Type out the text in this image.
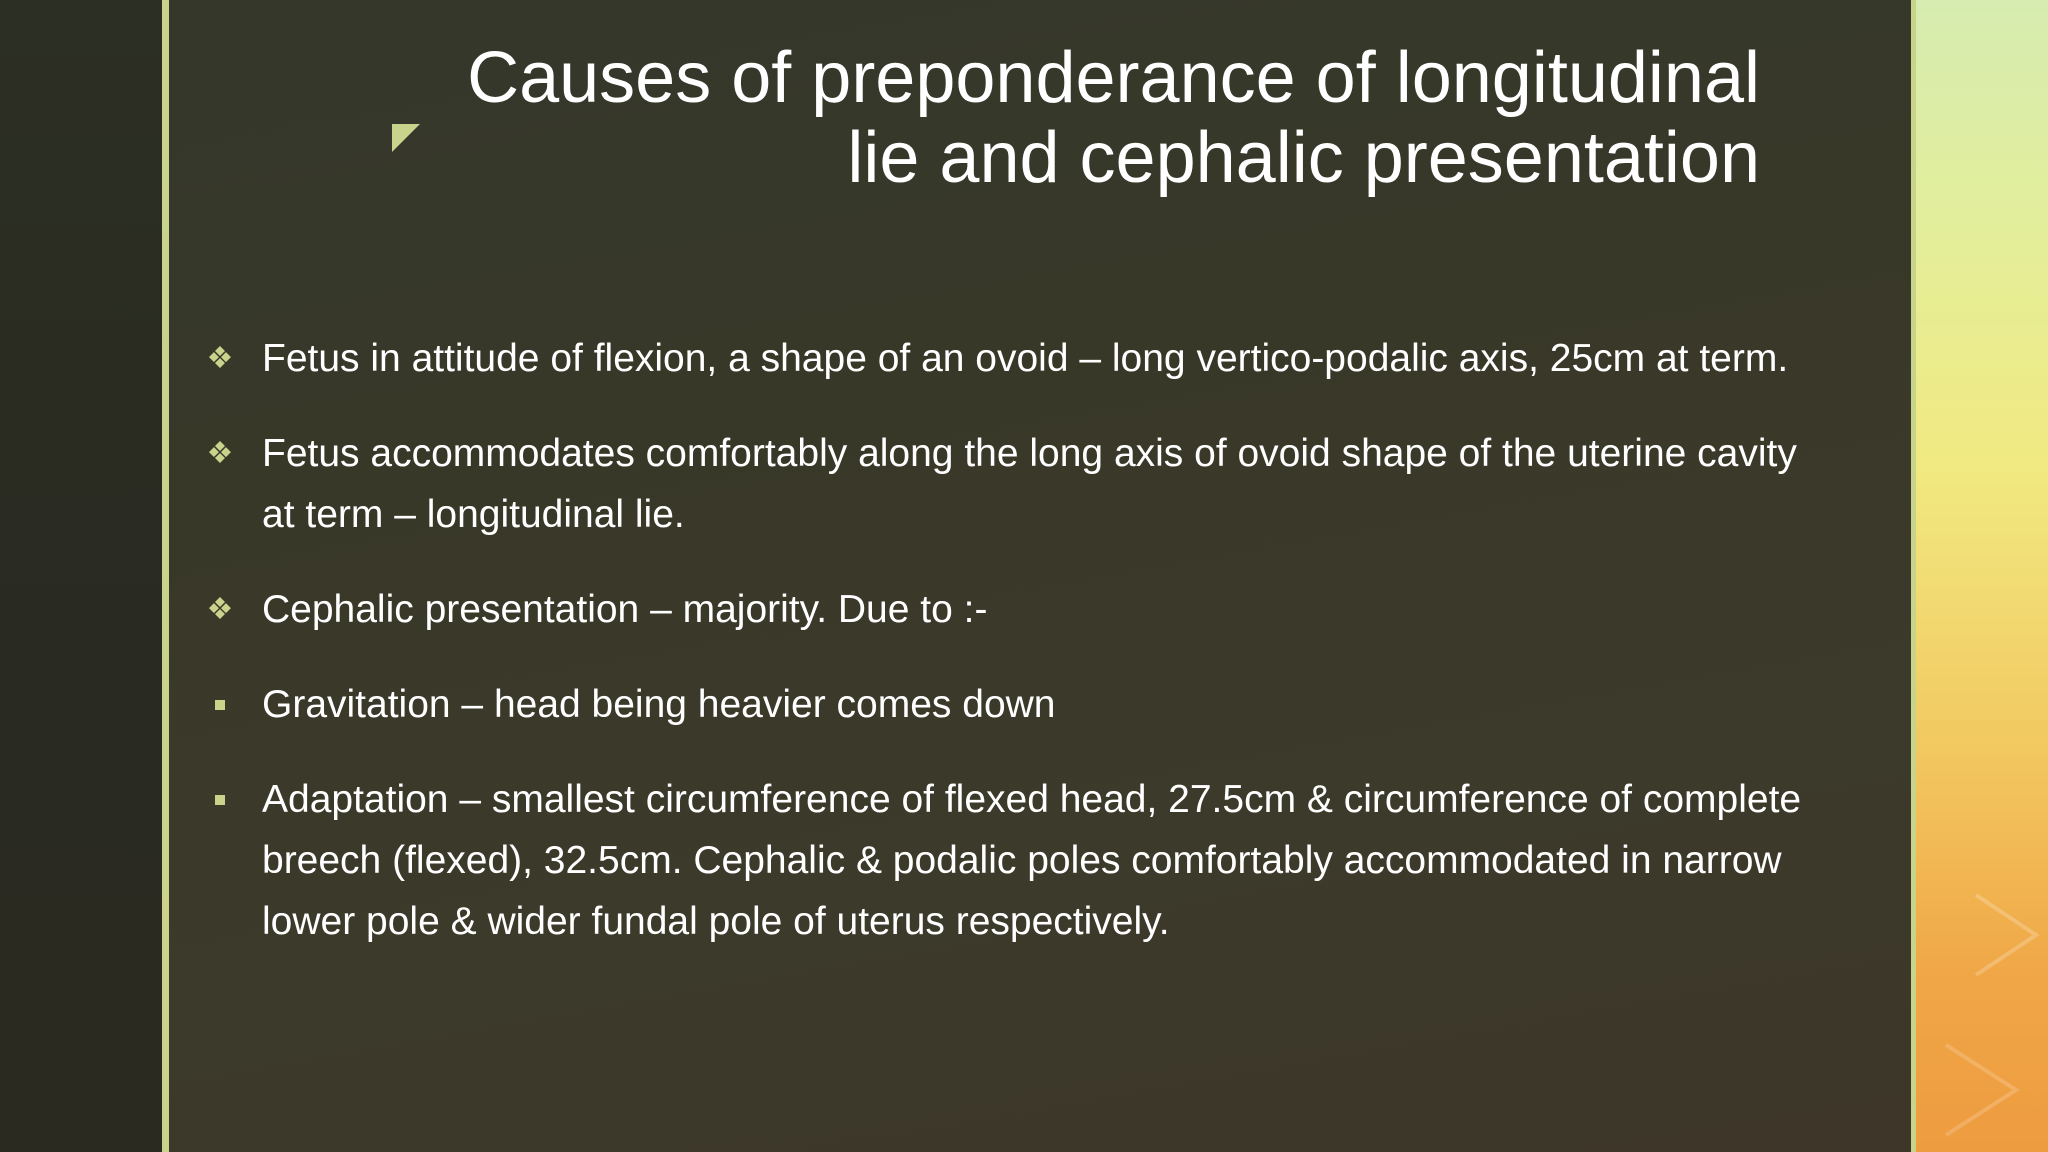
Causes of preponderance of longitudinal
lie and cephalic presentation
❖ Fetus in attitude of flexion, a shape of an ovoid – long vertico-podalic axis, 25cm at term.
❖ Fetus accommodates comfortably along the long axis of ovoid shape of the uterine cavity at term – longitudinal lie.
❖ Cephalic presentation – majority. Due to :-
Gravitation – head being heavier comes down
Adaptation – smallest circumference of flexed head, 27.5cm & circumference of complete breech (flexed), 32.5cm. Cephalic & podalic poles comfortably accommodated in narrow lower pole & wider fundal pole of uterus respectively.
